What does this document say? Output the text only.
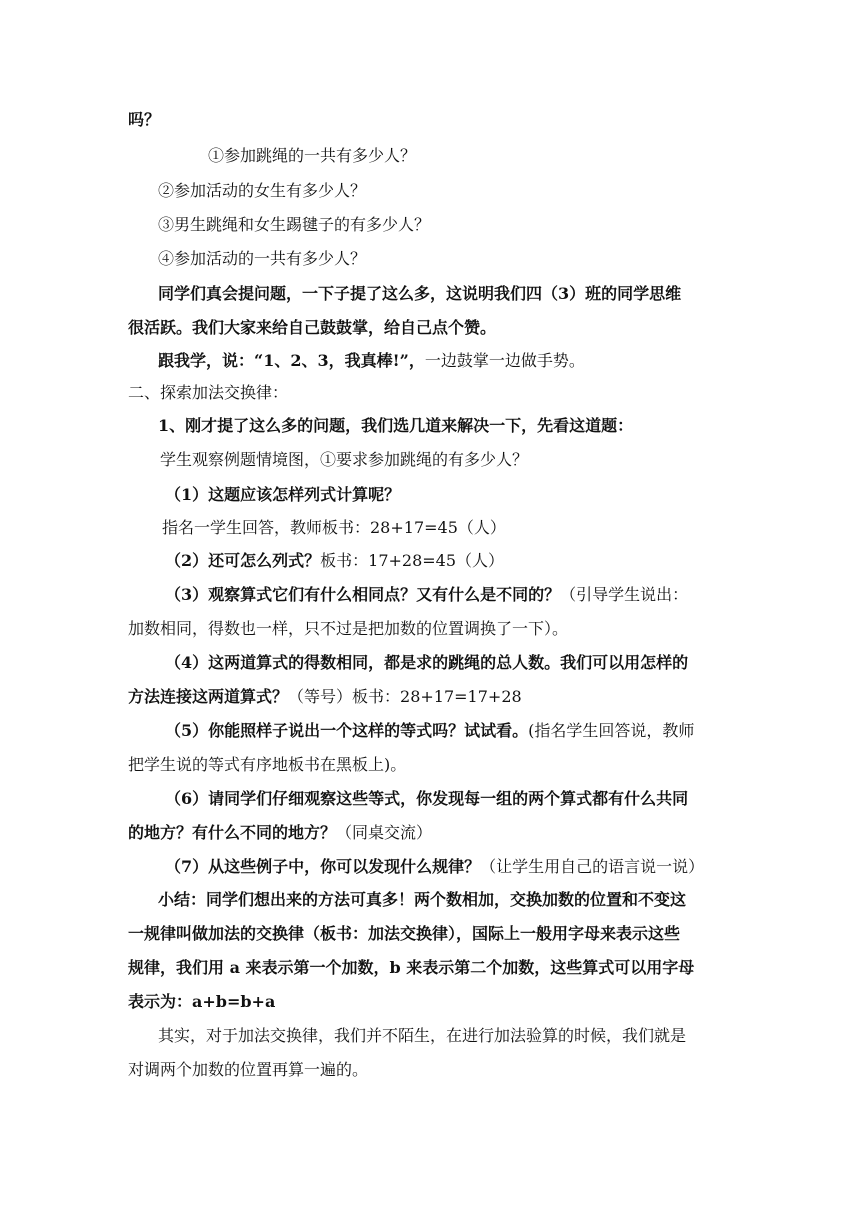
吗？
①参加跳绳的一共有多少人？
②参加活动的女生有多少人？
③男生跳绳和女生踢毽子的有多少人？
④参加活动的一共有多少人？
同学们真会提问题，一下子提了这么多，这说明我们四（3）班的同学思维
很活跃。我们大家来给自己鼓鼓掌，给自己点个赞。
跟我学，说：“1、2、3，我真棒!”，一边鼓掌一边做手势。
二、探索加法交换律：
1、刚才提了这么多的问题，我们选几道来解决一下，先看这道题：
学生观察例题情境图，①要求参加跳绳的有多少人？
（1）这题应该怎样列式计算呢？
指名一学生回答，教师板书：28+17=45（人）
（2）还可怎么列式？板书：17+28=45（人）
（3）观察算式它们有什么相同点？又有什么是不同的？（引导学生说出：
加数相同，得数也一样，只不过是把加数的位置调换了一下）。
（4）这两道算式的得数相同，都是求的跳绳的总人数。我们可以用怎样的
方法连接这两道算式？（等号）板书：28+17=17+28
（5）你能照样子说出一个这样的等式吗？试试看。(指名学生回答说，教师
把学生说的等式有序地板书在黑板上)。
（6）请同学们仔细观察这些等式，你发现每一组的两个算式都有什么共同
的地方？有什么不同的地方？（同桌交流）
（7）从这些例子中，你可以发现什么规律？（让学生用自己的语言说一说）
小结：同学们想出来的方法可真多！两个数相加，交换加数的位置和不变这
一规律叫做加法的交换律（板书：加法交换律），国际上一般用字母来表示这些
规律，我们用 a 来表示第一个加数，b 来表示第二个加数，这些算式可以用字母
表示为：a+b=b+a
其实，对于加法交换律，我们并不陌生，在进行加法验算的时候，我们就是
对调两个加数的位置再算一遍的。
